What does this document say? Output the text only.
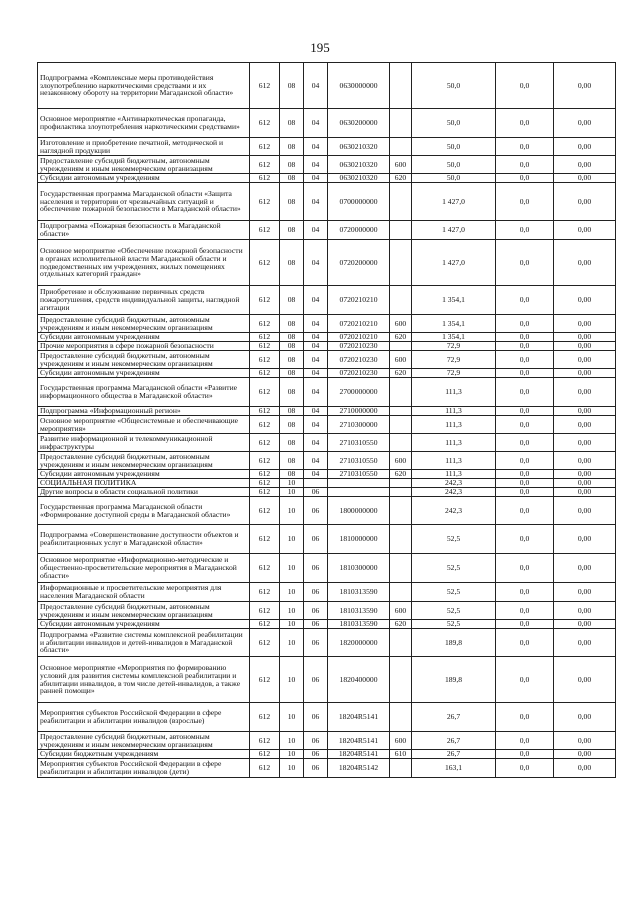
195
Подпрограмма «Комплексные меры противодействия злоупотреблению наркотическими средствами и их незаконному обороту на территории Магаданской области»	612	08	04	0630000000		50,0	0,0	0,00
Основное мероприятие «Антинаркотическая пропаганда, профилактика злоупотребления наркотическими средствами»	612	08	04	0630200000		50,0	0,0	0,00
Изготовление и приобретение печатной, методической и наглядной продукции	612	08	04	0630210320		50,0	0,0	0,00
Предоставление субсидий бюджетным, автономным учреждениям и иным некоммерческим организациям	612	08	04	0630210320	600	50,0	0,0	0,00
Субсидии автономным учреждениям	612	08	04	0630210320	620	50,0	0,0	0,00
Государственная программа Магаданской области «Защита населения и территории от чрезвычайных ситуаций и обеспечение пожарной безопасности в Магаданской области»	612	08	04	0700000000		1 427,0	0,0	0,00
Подпрограмма «Пожарная безопасность в Магаданской области»	612	08	04	0720000000		1 427,0	0,0	0,00
Основное мероприятие «Обеспечение пожарной безопасности в органах исполнительной власти Магаданской области и подведомственных им учреждениях, жилых помещениях отдельных категорий граждан»	612	08	04	0720200000		1 427,0	0,0	0,00
Приобретение и обслуживание первичных средств пожаротушения, средств индивидуальной защиты, наглядной агитации	612	08	04	0720210210		1 354,1	0,0	0,00
Предоставление субсидий бюджетным, автономным учреждениям и иным некоммерческим организациям	612	08	04	0720210210	600	1 354,1	0,0	0,00
Субсидии автономным учреждениям	612	08	04	0720210210	620	1 354,1	0,0	0,00
Прочие мероприятия в сфере пожарной безопасности	612	08	04	0720210230		72,9	0,0	0,00
Предоставление субсидий бюджетным, автономным учреждениям и иным некоммерческим организациям	612	08	04	0720210230	600	72,9	0,0	0,00
Субсидии автономным учреждениям	612	08	04	0720210230	620	72,9	0,0	0,00
Государственная программа Магаданской области «Развитие информационного общества в Магаданской области»	612	08	04	2700000000		111,3	0,0	0,00
Подпрограмма «Информационный регион»	612	08	04	2710000000		111,3	0,0	0,00
Основное мероприятие «Общесистемные и обеспечивающие мероприятия»	612	08	04	2710300000		111,3	0,0	0,00
Развитие информационной и телекоммуникационной инфраструктуры	612	08	04	2710310550		111,3	0,0	0,00
Предоставление субсидий бюджетным, автономным учреждениям и иным некоммерческим организациям	612	08	04	2710310550	600	111,3	0,0	0,00
Субсидии автономным учреждениям	612	08	04	2710310550	620	111,3	0,0	0,00
СОЦИАЛЬНАЯ ПОЛИТИКА	612	10				242,3	0,0	0,00
Другие вопросы в области социальной политики	612	10	06			242,3	0,0	0,00
Государственная программа Магаданской области «Формирование доступной среды в Магаданской области»	612	10	06	1800000000		242,3	0,0	0,00
Подпрограмма «Совершенствование доступности объектов и реабилитационных услуг в Магаданской области»	612	10	06	1810000000		52,5	0,0	0,00
Основное мероприятие «Информационно-методические и общественно-просветительские мероприятия в Магаданской области»	612	10	06	1810300000		52,5	0,0	0,00
Информационные и просветительские мероприятия для населения Магаданской области	612	10	06	1810313590		52,5	0,0	0,00
Предоставление субсидий бюджетным, автономным учреждениям и иным некоммерческим организациям	612	10	06	1810313590	600	52,5	0,0	0,00
Субсидии автономным учреждениям	612	10	06	1810313590	620	52,5	0,0	0,00
Подпрограмма «Развитие системы комплексной реабилитации и абилитации инвалидов и детей-инвалидов в Магаданской области»	612	10	06	1820000000		189,8	0,0	0,00
Основное мероприятие «Мероприятия по формированию условий для развития системы комплексной реабилитации и абилитации инвалидов, в том числе детей-инвалидов, а также ранней помощи»	612	10	06	1820400000		189,8	0,0	0,00
Мероприятия субъектов Российской Федерации в сфере реабилитации и абилитации инвалидов (взрослые)	612	10	06	18204R5141		26,7	0,0	0,00
Предоставление субсидий бюджетным, автономным учреждениям и иным некоммерческим организациям	612	10	06	18204R5141	600	26,7	0,0	0,00
Субсидии бюджетным учреждениям	612	10	06	18204R5141	610	26,7	0,0	0,00
Мероприятия субъектов Российской Федерации в сфере реабилитации и абилитации инвалидов (дети)	612	10	06	18204R5142		163,1	0,0	0,00
